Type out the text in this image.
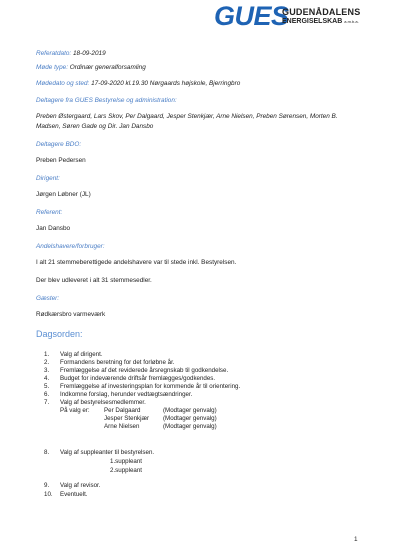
GUES
GUDENÅDALENS
ENERGISELSKAB a.m.b.a.
Referatdato: 18-09-2019
Møde type: Ordinær generalforsamling
Mødedato og sted: 17-09-2020 kl.19.30 Nørgaards højskole, Bjerringbro
Deltagere fra GUES Bestyrelse og administration:
Preben Østergaard, Lars Skov, Per Dalgaard, Jesper Stenkjær, Arne Nielsen, Preben Sørensen, Morten B.
Madsen, Søren Gade og Dir. Jan Dansbo
Deltagere BDO:
Preben Pedersen
Dirigent:
Jørgen Løbner (JL)
Referent:
Jan Dansbo
Andelshavere/forbruger:
I alt 21 stemmeberettigede andelshavere var til stede inkl. Bestyrelsen.
Der blev udleveret i alt 31 stemmesedler.
Gæster:
Rødkærsbro varmeværk
Dagsorden:
1. Valg af dirigent.
2. Formandens beretning for det forløbne år.
3. Fremlæggelse af det reviderede årsregnskab til godkendelse.
4. Budget for indeværende driftsår fremlægges/godkendes.
5. Fremlæggelse af investeringsplan for kommende år til orientering.
6. Indkomne forslag, herunder vedtægtsændringer.
7. Valg af bestyrelsesmedlemmer.
På valg er: Per Dalgaard	(Modtager genvalg)
Jesper Stenkjær (Modtager genvalg)
Arne Nielsen	(Modtager genvalg)
8. Valg af suppleanter til bestyrelsen.
1.suppleant
2.suppleant
9. Valg af revisor.
10. Eventuelt.
1
